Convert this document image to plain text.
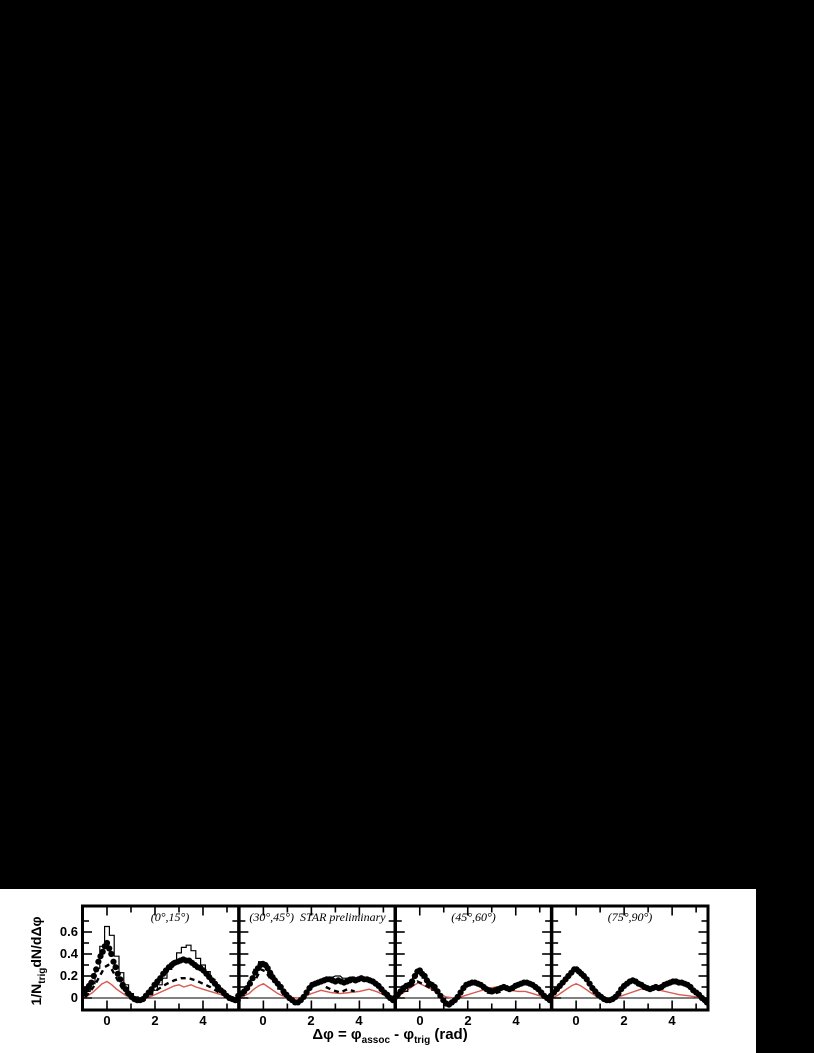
0
0.2
0.4
0.6
0	2	4	0	2	4	0	2	4	0	2	4
$1/N_{trig}dN$/dΔφ
$\Delta\varphi = \varphi_{assoc} - \varphi_{trig}$ (rad)
(0°,15°)	(30°,45°) STAR preliminary	(45°,60°)	(75°,90°)
